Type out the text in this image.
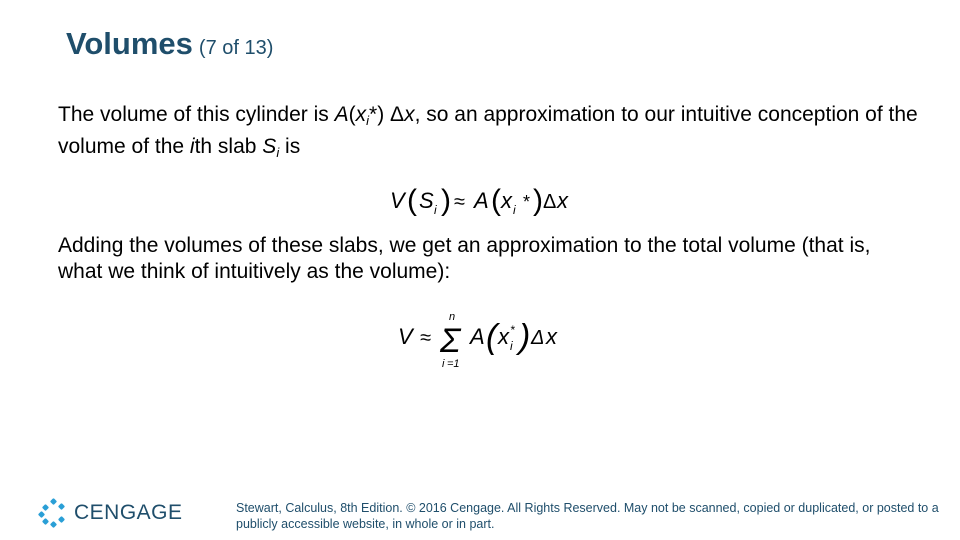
Volumes (7 of 13)

The volume of this cylinder is A(xi*) Δx, so an approximation to our intuitive conception of the volume of the ith slab Si is

V ( S i ) ≈ A ( x i * ) Δ x

Adding the volumes of these slabs, we get an approximation to the total volume (that is, what we think of intuitively as the volume):

V ≈
n
Σ
i =1
A ( x *
i ) Δ x
CENGAGE	Stewart, Calculus, 8th Edition. © 2016 Cengage. All Rights Reserved. May not be scanned, copied or duplicated, or posted to a publicly accessible website, in whole or in part.
